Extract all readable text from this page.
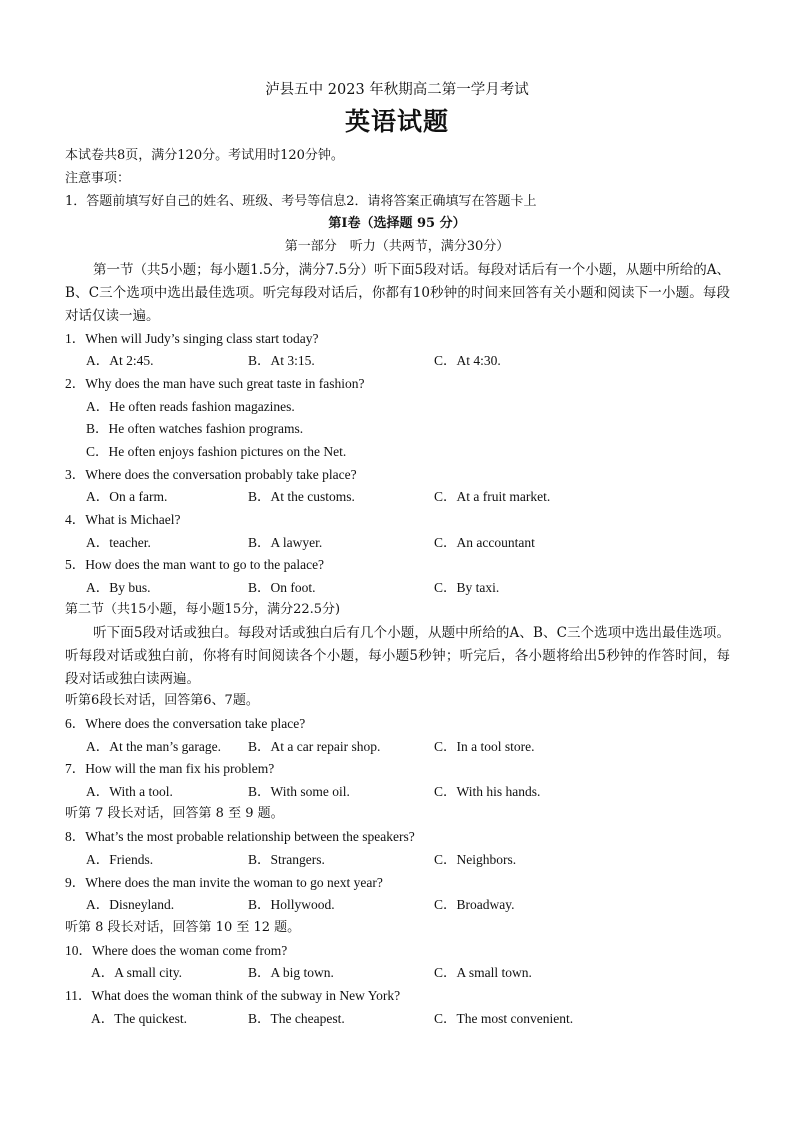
泸县五中 2023 年秋期高二第一学月考试
英语试题
本试卷共8页，满分120分。考试用时120分钟。
注意事项：
1．答题前填写好自己的姓名、班级、考号等信息2．请将答案正确填写在答题卡上
第I卷（选择题 95 分）
第一部分　听力（共两节，满分30分）
第一节（共5小题；每小题1.5分，满分7.5分）听下面5段对话。每段对话后有一个小题，从题中所给的A、B、C三个选项中选出最佳选项。听完每段对话后，你都有10秒钟的时间来回答有关小题和阅读下一小题。每段对话仅读一遍。
1．When will Judy’s singing class start today?
A．At 2:45.	B．At 3:15.	C．At 4:30.
2．Why does the man have such great taste in fashion?
A．He often reads fashion magazines.
B．He often watches fashion programs.
C．He often enjoys fashion pictures on the Net.
3．Where does the conversation probably take place?
A．On a farm.	B．At the customs.	C．At a fruit market.
4．What is Michael?
A．teacher.	B．A lawyer.	C．An accountant
5．How does the man want to go to the palace?
A．By bus.	B．On foot.	C．By taxi.
第二节（共15小题，每小题15分，满分22.5分)
听下面5段对话或独白。每段对话或独白后有几个小题，从题中所给的A、B、C三个选项中选出最佳选项。听每段对话或独白前，你将有时间阅读各个小题，每小题5秒钟；听完后，各小题将给出5秒钟的作答时间，每段对话或独白读两遍。
听第6段长对话，回答第6、7题。
6．Where does the conversation take place?
A．At the man’s garage. B．At a car repair shop.	C．In a tool store.
7．How will the man fix his problem?
A．With a tool.	B．With some oil.	C．With his hands.
听第 7 段长对话，回答第 8 至 9 题。
8．What’s the most probable relationship between the speakers?
A．Friends.	B．Strangers.	C．Neighbors.
9．Where does the man invite the woman to go next year?
A．Disneyland.	B．Hollywood.	C．Broadway.
听第 8 段长对话，回答第 10 至 12 题。
10．Where does the woman come from?
A．A small city.	B．A big town.	C．A small town.
11．What does the woman think of the subway in New York?
A．The quickest.	B．The cheapest.	C．The most convenient.
